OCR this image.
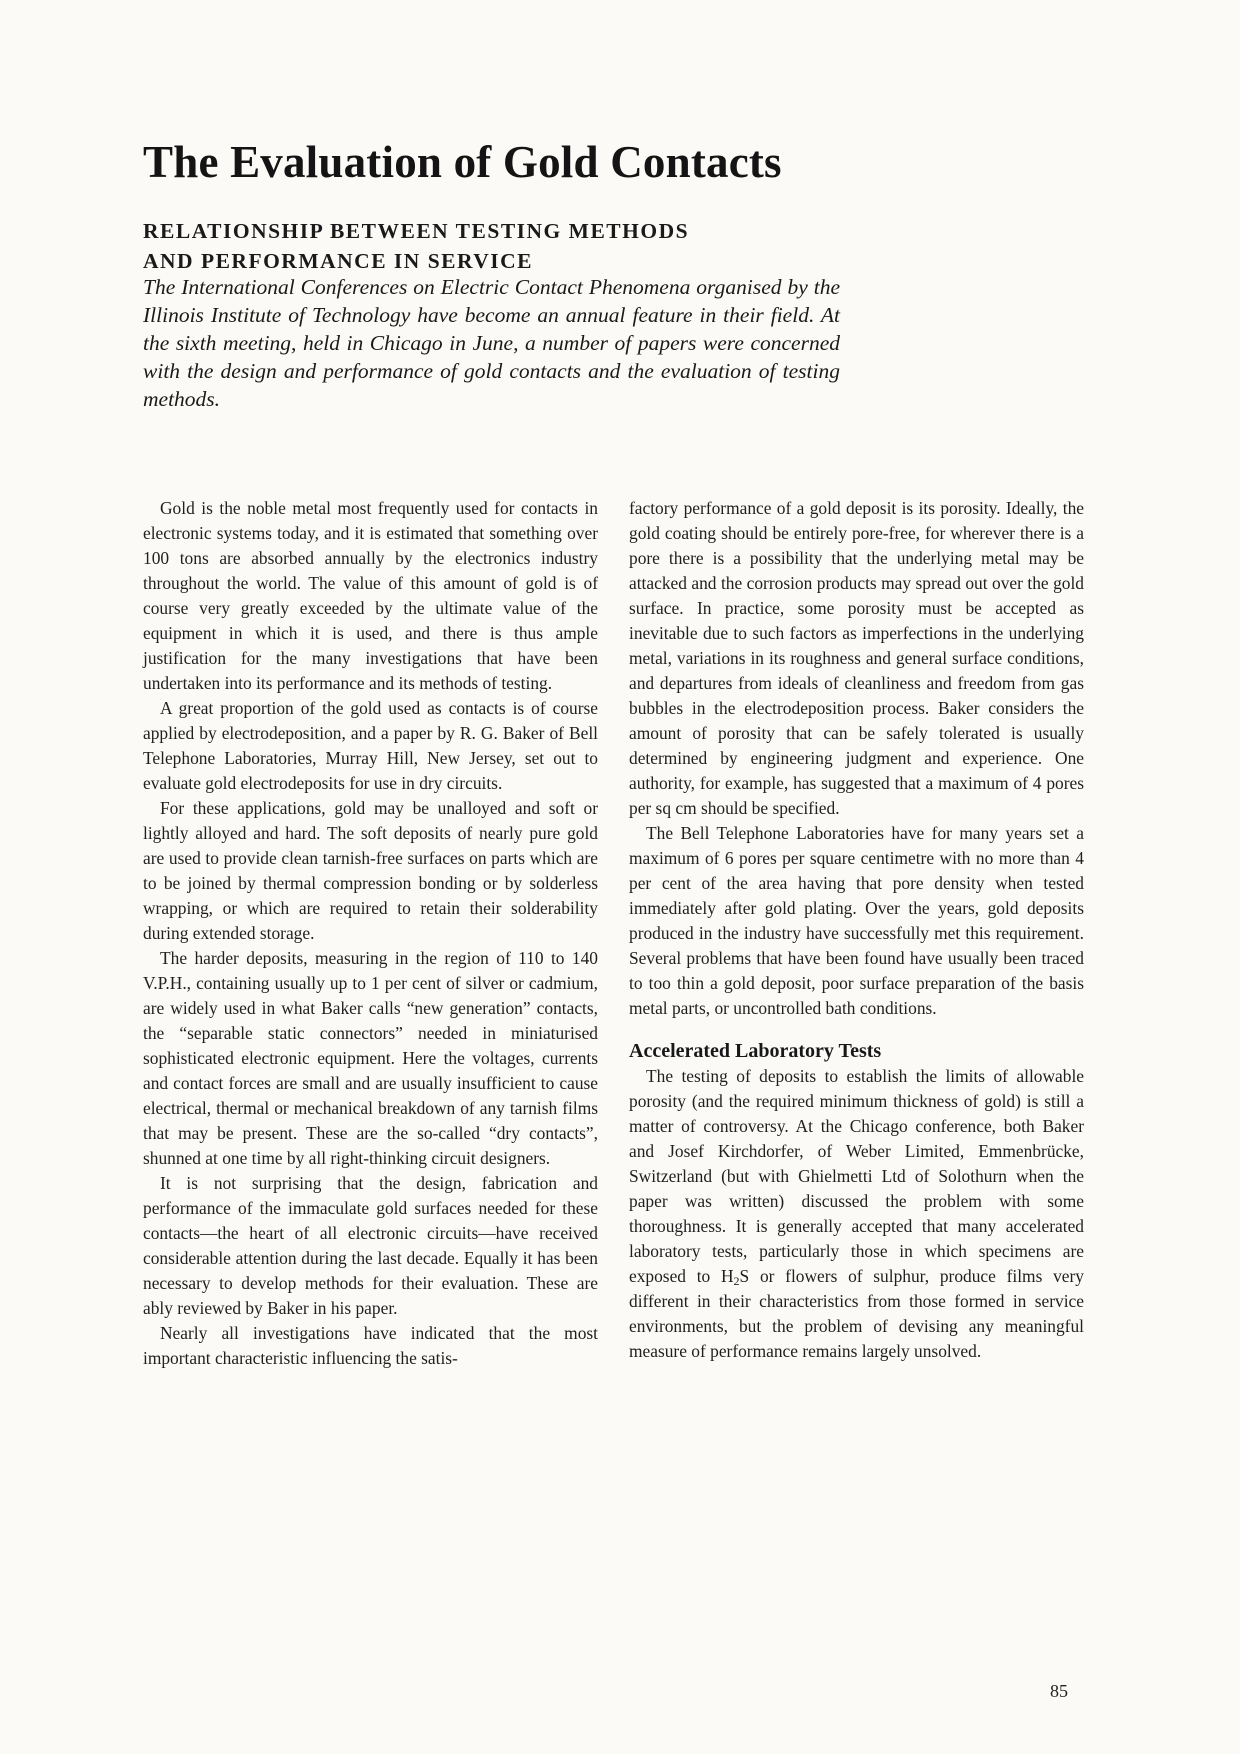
The Evaluation of Gold Contacts
RELATIONSHIP BETWEEN TESTING METHODS
AND PERFORMANCE IN SERVICE

The International Conferences on Electric Contact Phenomena organised by the Illinois Institute of Technology have become an annual feature in their field. At the sixth meeting, held in Chicago in June, a number of papers were concerned with the design and performance of gold contacts and the evaluation of testing methods.

Gold is the noble metal most frequently used for contacts in electronic systems today, and it is estimated that something over 100 tons are absorbed annually by the electronics industry throughout the world. The value of this amount of gold is of course very greatly exceeded by the ultimate value of the equipment in which it is used, and there is thus ample justification for the many investigations that have been undertaken into its performance and its methods of testing.

A great proportion of the gold used as contacts is of course applied by electrodeposition, and a paper by R. G. Baker of Bell Telephone Laboratories, Murray Hill, New Jersey, set out to evaluate gold electrodeposits for use in dry circuits.

For these applications, gold may be unalloyed and soft or lightly alloyed and hard. The soft deposits of nearly pure gold are used to provide clean tarnish-free surfaces on parts which are to be joined by thermal compression bonding or by solderless wrapping, or which are required to retain their solderability during extended storage.

The harder deposits, measuring in the region of 110 to 140 V.P.H., containing usually up to 1 per cent of silver or cadmium, are widely used in what Baker calls “new generation” contacts, the “separable static connectors” needed in miniaturised sophisticated electronic equipment. Here the voltages, currents and contact forces are small and are usually insufficient to cause electrical, thermal or mechanical breakdown of any tarnish films that may be present. These are the so-called “dry contacts”, shunned at one time by all right-thinking circuit designers.

It is not surprising that the design, fabrication and performance of the immaculate gold surfaces needed for these contacts—the heart of all electronic circuits—have received considerable attention during the last decade. Equally it has been necessary to develop methods for their evaluation. These are ably reviewed by Baker in his paper.

Nearly all investigations have indicated that the most important characteristic influencing the satis-

factory performance of a gold deposit is its porosity. Ideally, the gold coating should be entirely pore-free, for wherever there is a pore there is a possibility that the underlying metal may be attacked and the corrosion products may spread out over the gold surface. In practice, some porosity must be accepted as inevitable due to such factors as imperfections in the underlying metal, variations in its roughness and general surface conditions, and departures from ideals of cleanliness and freedom from gas bubbles in the electrodeposition process. Baker considers the amount of porosity that can be safely tolerated is usually determined by engineering judgment and experience. One authority, for example, has suggested that a maximum of 4 pores per sq cm should be specified.

The Bell Telephone Laboratories have for many years set a maximum of 6 pores per square centimetre with no more than 4 per cent of the area having that pore density when tested immediately after gold plating. Over the years, gold deposits produced in the industry have successfully met this requirement. Several problems that have been found have usually been traced to too thin a gold deposit, poor surface preparation of the basis metal parts, or uncontrolled bath conditions.

Accelerated Laboratory Tests

The testing of deposits to establish the limits of allowable porosity (and the required minimum thickness of gold) is still a matter of controversy. At the Chicago conference, both Baker and Josef Kirchdorfer, of Weber Limited, Emmenbrücke, Switzerland (but with Ghielmetti Ltd of Solothurn when the paper was written) discussed the problem with some thoroughness. It is generally accepted that many accelerated laboratory tests, particularly those in which specimens are exposed to $H_2S$ or flowers of sulphur, produce films very different in their characteristics from those formed in service environments, but the problem of devising any meaningful measure of performance remains largely unsolved.

85
